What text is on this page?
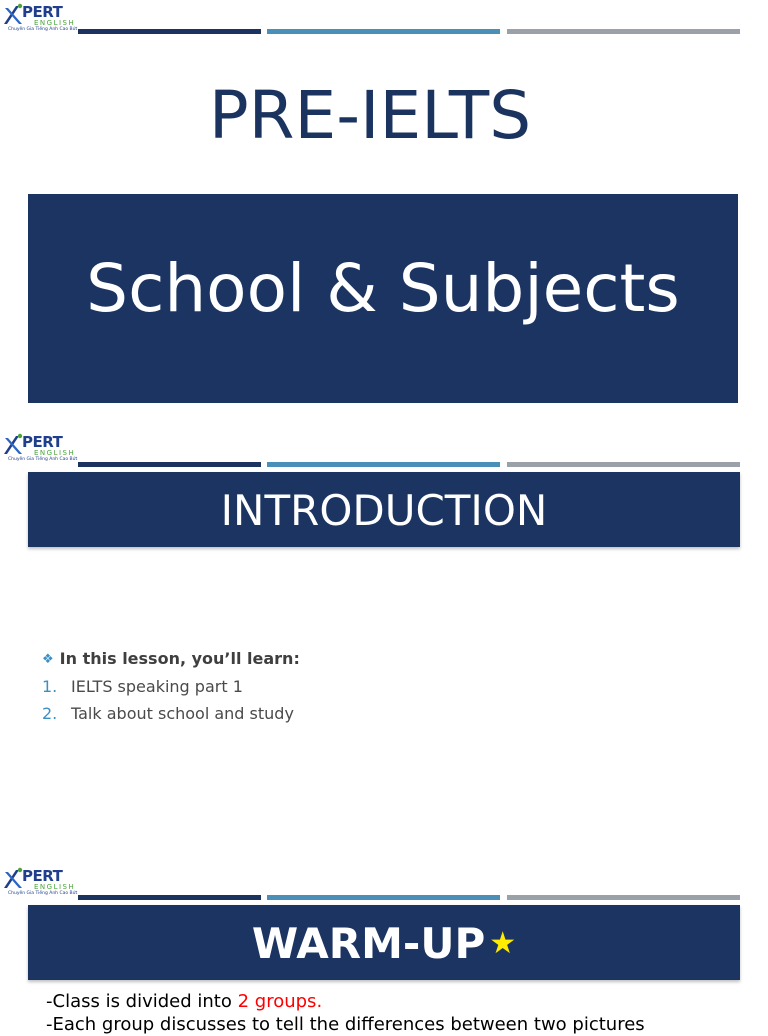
PERT
ENGLISH
Chuyên Gia Tiếng Anh Cao Bứt
PRE-IELTS
School & Subjects
PERT
ENGLISH
Chuyên Gia Tiếng Anh Cao Bứt
INTRODUCTION
❖ In this lesson, you’ll learn:
1. IELTS speaking part 1
2. Talk about school and study
PERT
ENGLISH
Chuyên Gia Tiếng Anh Cao Bứt
WARM-UP ★
-Class is divided into 2 groups.
-Each group discusses to tell the differences between two pictures
